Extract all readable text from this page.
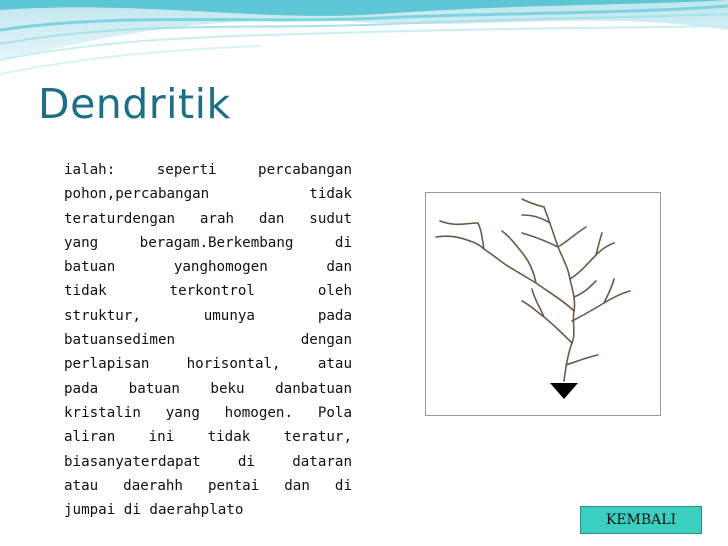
Dendritik
ialah: seperti percabangan
pohon,percabangan tidak
teraturdengan arah dan sudut
yang beragam.Berkembang di
batuan yanghomogen dan
tidak terkontrol oleh
struktur, umunya pada
batuansedimen dengan
perlapisan horisontal, atau
pada batuan beku danbatuan
kristalin yang homogen. Pola
aliran ini tidak teratur,
biasanyaterdapat di dataran
atau daerahh pentai dan di
jumpai di daerahplato
KEMBALI
